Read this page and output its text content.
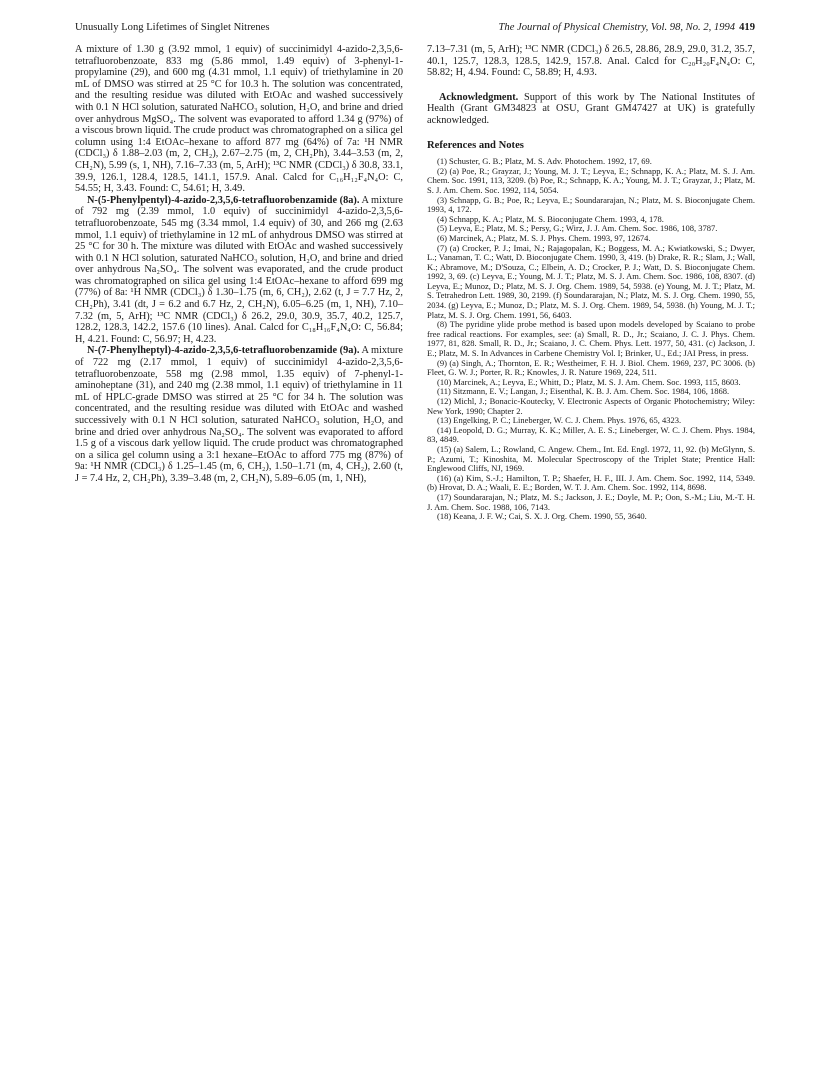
Unusually Long Lifetimes of Singlet Nitrenes	The Journal of Physical Chemistry, Vol. 98, No. 2, 1994 419

A mixture of 1.30 g (3.92 mmol, 1 equiv) of succinimidyl 4-azido-2,3,5,6-tetrafluorobenzoate, 833 mg (5.86 mmol, 1.49 equiv) of 3-phenyl-1-propylamine (29), and 600 mg (4.31 mmol, 1.1 equiv) of triethylamine in 20 mL of DMSO was stirred at 25 °C for 10.3 h. The solution was concentrated, and the resulting residue was diluted with EtOAc and washed successively with 0.1 N HCl solution, saturated NaHCO₃ solution, H₂O, and brine and dried over anhydrous MgSO₄. The solvent was evaporated to afford 1.34 g (97%) of a viscous brown liquid. The crude product was chromatographed on a silica gel column using 1:4 EtOAc–hexane to afford 877 mg (64%) of 7a: ¹H NMR (CDCl₃) δ 1.88–2.03 (m, 2, CH₂), 2.67–2.75 (m, 2, CH₂Ph), 3.44–3.53 (m, 2, CH₂N), 5.99 (s, 1, NH), 7.16–7.33 (m, 5, ArH); ¹³C NMR (CDCl₃) δ 30.8, 33.1, 39.9, 126.1, 128.4, 128.5, 141.1, 157.9. Anal. Calcd for C₁₆H₁₂F₄N₄O: C, 54.55; H, 3.43. Found: C, 54.61; H, 3.49.

N-(5-Phenylpentyl)-4-azido-2,3,5,6-tetrafluorobenzamide (8a). A mixture of 792 mg (2.39 mmol, 1.0 equiv) of succinimidyl 4-azido-2,3,5,6-tetrafluorobenzoate, 545 mg (3.34 mmol, 1.4 equiv) of 30, and 266 mg (2.63 mmol, 1.1 equiv) of triethylamine in 12 mL of anhydrous DMSO was stirred at 25 °C for 30 h. The mixture was diluted with EtOAc and washed successively with 0.1 N HCl solution, saturated NaHCO₃ solution, H₂O, and brine and dried over anhydrous Na₂SO₄. The solvent was evaporated, and the crude product was chromatographed on silica gel using 1:4 EtOAc–hexane to afford 699 mg (77%) of 8a: ¹H NMR (CDCl₃) δ 1.30–1.75 (m, 6, CH₂), 2.62 (t, J = 7.7 Hz, 2, CH₂Ph), 3.41 (dt, J = 6.2 and 6.7 Hz, 2, CH₂N), 6.05–6.25 (m, 1, NH), 7.10–7.32 (m, 5, ArH); ¹³C NMR (CDCl₃) δ 26.2, 29.0, 30.9, 35.7, 40.2, 125.7, 128.2, 128.3, 142.2, 157.6 (10 lines). Anal. Calcd for C₁₈H₁₆F₄N₄O: C, 56.84; H, 4.21. Found: C, 56.97; H, 4.23.

N-(7-Phenylheptyl)-4-azido-2,3,5,6-tetrafluorobenzamide (9a). A mixture of 722 mg (2.17 mmol, 1 equiv) of succinimidyl 4-azido-2,3,5,6-tetrafluorobenzoate, 558 mg (2.98 mmol, 1.35 equiv) of 7-phenyl-1-aminoheptane (31), and 240 mg (2.38 mmol, 1.1 equiv) of triethylamine in 11 mL of HPLC-grade DMSO was stirred at 25 °C for 34 h. The solution was concentrated, and the resulting residue was diluted with EtOAc and washed successively with 0.1 N HCl solution, saturated NaHCO₃ solution, H₂O, and brine and dried over anhydrous Na₂SO₄. The solvent was evaporated to afford 1.5 g of a viscous dark yellow liquid. The crude product was chromatographed on a silica gel column using a 3:1 hexane–EtOAc to afford 775 mg (87%) of 9a: ¹H NMR (CDCl₃) δ 1.25–1.45 (m, 6, CH₂), 1.50–1.71 (m, 4, CH₂), 2.60 (t, J = 7.4 Hz, 2, CH₂Ph), 3.39–3.48 (m, 2, CH₂N), 5.89–6.05 (m, 1, NH),

7.13–7.31 (m, 5, ArH); ¹³C NMR (CDCl₃) δ 26.5, 28.86, 28.9, 29.0, 31.2, 35.7, 40.1, 125.7, 128.3, 128.5, 142.9, 157.8. Anal. Calcd for C₂₀H₂₀F₄N₄O: C, 58.82; H, 4.94. Found: C, 58.89; H, 4.93.

Acknowledgment. Support of this work by The National Institutes of Health (Grant GM34823 at OSU, Grant GM47427 at UK) is gratefully acknowledged.

References and Notes

(1) Schuster, G. B.; Platz, M. S. Adv. Photochem. 1992, 17, 69.

(2) (a) Poe, R.; Grayzar, J.; Young, M. J. T.; Leyva, E.; Schnapp, K. A.; Platz, M. S. J. Am. Chem. Soc. 1991, 113, 3209. (b) Poe, R.; Schnapp, K. A.; Young, M. J. T.; Grayzar, J.; Platz, M. S. J. Am. Chem. Soc. 1992, 114, 5054.

(3) Schnapp, G. B.; Poe, R.; Leyva, E.; Soundararajan, N.; Platz, M. S. Bioconjugate Chem. 1993, 4, 172.

(4) Schnapp, K. A.; Platz, M. S. Bioconjugate Chem. 1993, 4, 178.

(5) Leyva, E.; Platz, M. S.; Persy, G.; Wirz, J. J. Am. Chem. Soc. 1986, 108, 3787.

(6) Marcinek, A.; Platz, M. S. J. Phys. Chem. 1993, 97, 12674.

(7) (a) Crocker, P. J.; Imai, N.; Rajagopalan, K.; Boggess, M. A.; Kwiatkowski, S.; Dwyer, L.; Vanaman, T. C.; Watt, D. Bioconjugate Chem. 1990, 3, 419. (b) Drake, R. R.; Slam, J.; Wall, K.; Abramove, M.; D'Souza, C.; Elbein, A. D.; Crocker, P. J.; Watt, D. S. Bioconjugate Chem. 1992, 3, 69. (c) Leyva, E.; Young, M. J. T.; Platz, M. S. J. Am. Chem. Soc. 1986, 108, 8307. (d) Leyva, E.; Munoz, D.; Platz, M. S. J. Org. Chem. 1989, 54, 5938. (e) Young, M. J. T.; Platz, M. S. Tetrahedron Lett. 1989, 30, 2199. (f) Soundararajan, N.; Platz, M. S. J. Org. Chem. 1990, 55, 2034. (g) Leyva, E.; Munoz, D.; Platz, M. S. J. Org. Chem. 1989, 54, 5938. (h) Young, M. J. T.; Platz, M. S. J. Org. Chem. 1991, 56, 6403.

(8) The pyridine ylide probe method is based upon models developed by Scaiano to probe free radical reactions. For examples, see: (a) Small, R. D., Jr.; Scaiano, J. C. J. Phys. Chem. 1977, 81, 828. Small, R. D., Jr.; Scaiano, J. C. Chem. Phys. Lett. 1977, 50, 431. (c) Jackson, J. E.; Platz, M. S. In Advances in Carbene Chemistry Vol. I; Brinker, U., Ed.; JAI Press, in press.

(9) (a) Singh, A.; Thornton, E. R.; Westheimer, F. H. J. Biol. Chem. 1969, 237, PC 3006. (b) Fleet, G. W. J.; Porter, R. R.; Knowles, J. R. Nature 1969, 224, 511.

(10) Marcinek, A.; Leyva, E.; Whitt, D.; Platz, M. S. J. Am. Chem. Soc. 1993, 115, 8603.

(11) Sitzmann, E. V.; Langan, J.; Eisenthal, K. B. J. Am. Chem. Soc. 1984, 106, 1868.

(12) Michl, J.; Bonacic-Koutecky, V. Electronic Aspects of Organic Photochemistry; Wiley: New York, 1990; Chapter 2.

(13) Engelking, P. C.; Lineberger, W. C. J. Chem. Phys. 1976, 65, 4323.

(14) Leopold, D. G.; Murray, K. K.; Miller, A. E. S.; Lineberger, W. C. J. Chem. Phys. 1984, 83, 4849.

(15) (a) Salem, L.; Rowland, C. Angew. Chem., Int. Ed. Engl. 1972, 11, 92. (b) McGlynn, S. P.; Azumi, T.; Kinoshita, M. Molecular Spectroscopy of the Triplet State; Prentice Hall: Englewood Cliffs, NJ, 1969.

(16) (a) Kim, S.-J.; Hamilton, T. P.; Shaefer, H. F., III. J. Am. Chem. Soc. 1992, 114, 5349. (b) Hrovat, D. A.; Waali, E. E.; Borden, W. T. J. Am. Chem. Soc. 1992, 114, 8698.

(17) Soundararajan, N.; Platz, M. S.; Jackson, J. E.; Doyle, M. P.; Oon, S.-M.; Liu, M.-T. H. J. Am. Chem. Soc. 1988, 106, 7143.

(18) Keana, J. F. W.; Cai, S. X. J. Org. Chem. 1990, 55, 3640.
